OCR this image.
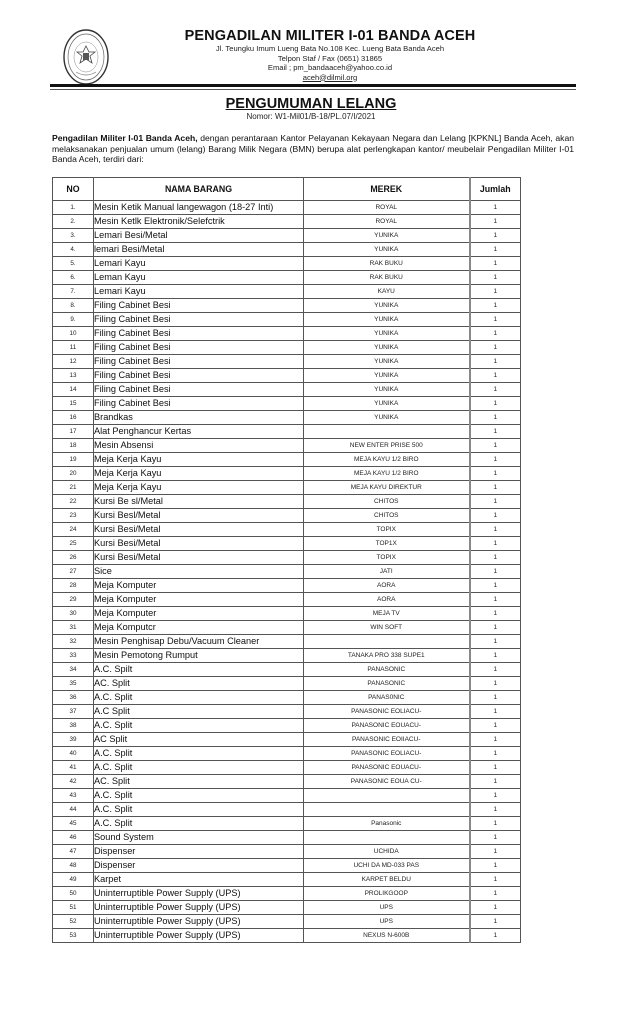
PENGADILAN MILITER I-01 BANDA ACEH
Jl. Teungku Imum Lueng Bata No.108 Kec. Lueng Bata Banda Aceh
Telpon Staf / Fax (0651) 31865
Email ; pm_bandaaceh@yahoo.co.id
aceh@dilmil.org
PENGUMUMAN LELANG
Nomor: W1-Mil01/B-18/PL.07/I/2021
Pengadilan Militer I-01 Banda Aceh, dengan perantaraan Kantor Pelayanan Kekayaan Negara dan Lelang [KPKNL] Banda Aceh, akan melaksanakan penjualan umum (lelang) Barang Milik Negara (BMN) berupa alat perlengkapan kantor/ meubelair Pengadilan Militer I-01 Banda Aceh, terdiri dari:
NO	NAMA BARANG	MEREK	Jumlah
1.	Mesin Ketik Manual langewagon (18-27 Inti)	ROYAL	1
2.	Mesin Ketlk Elektronik/Selefctrik	ROYAL	1
3.	Lemari Besi/Metal	YUNIKA	1
4.	lemari Besi/Metal	YUNIKA	1
5.	Lemari Kayu	RAK BUKU	1
6.	Leman Kayu	RAK BUKU	1
7.	Lemari Kayu	KAYU	1
8.	Filing Cabinet Besi	YUNIKA	1
9.	Filing Cabinet Besi	YUNIKA	1
10	Filing Cabinet Besi	YUNIKA	1
11	Filing Cabinet Besi	YUNIKA	1
12	Filing Cabinet Besi	YUNIKA	1
13	Filing Cabinet Besi	YUNIKA	1
14	Filing Cabinet Besi	YUNIKA	1
15	Filing Cabinet Besi	YUNIKA	1
16	Brandkas	YUNIKA	1
17	Alat Penghancur Kertas		1
18	Mesin Absensi	NEW ENTER PRISE 500	1
19	Meja Kerja Kayu	MEJA KAYU 1/2 BIRO	1
20	Meja Kerja Kayu	MEJA KAYU 1/2 BIRO	1
21	Meja Kerja Kayu	MEJA KAYU DIREKTUR	1
22	Kursi Be sl/Metal	CHITOS	1
23	Kursi Besl/Metal	CHITOS	1
24	Kursi Besi/Metal	TOPIX	1
25	Kursi Besi/Metal	TOP1X	1
26	Kursi Besi/Metal	TOPIX	1
27	Sice	JATI	1
28	Meja Komputer	AORA	1
29	Meja Komputer	AORA	1
30	Meja Komputer	MEJA TV	1
31	Meja Komputcr	WIN SOFT	1
32	Mesin Penghisap Debu/Vacuum Cleaner		1
33	Mesin Pemotong Rumput	TANAKA PRO 338 SUPE1	1
34	A.C. Spilt	PANASONIC	1
35	AC. Split	PANASONIC	1
36	A.C. Split	PANAS0NIC	1
37	A.C Split	PANASONIC EOLIACU-	1
38	A.C. Split	PANASONIC EOUACU-	1
39	AC Split	PANASONIC EOIIACU-	1
40	A.C. Split	PANASONIC EOLIACU-	1
41	A.C. Split	PANASONIC EOUACU-	1
42	AC. Split	PANASONIC EOUA CU-	1
43	A.C. Split		1
44	A.C. Split		1
45	A.C. Split	Panasonic	1
46	Sound System		1
47	Dispenser	UCHIDA	1
48	Dispenser	UCHI DA MD-033 PAS	1
49	Karpet	KARPET BELDU	1
50	Uninterruptible Power Supply (UPS)	PROLIKGOOP	1
51	Uninterruptible Power Supply (UPS)	UPS	1
52	Uninterruptible Power Supply (UPS)	UPS	1
53	Uninterruptible Power Supply (UPS)	NEXUS N-600B	1
